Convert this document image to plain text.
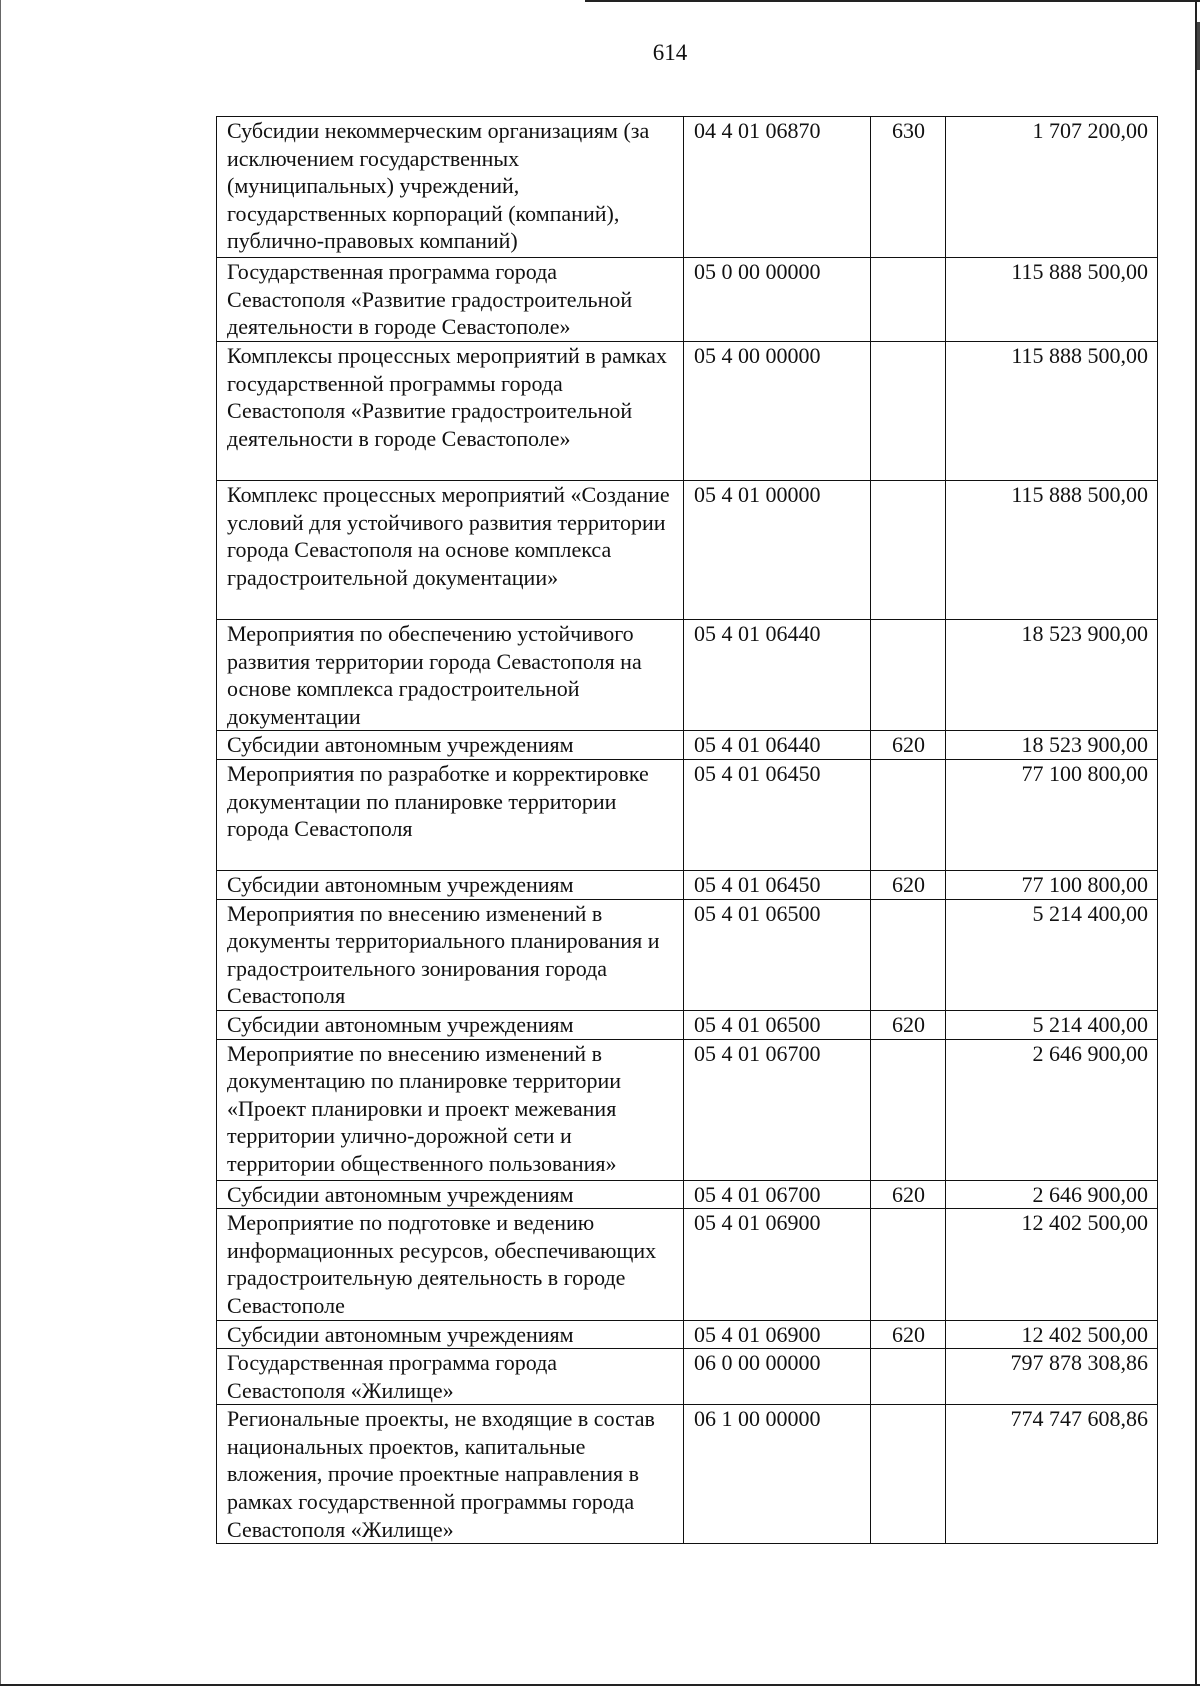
614
Субсидии некоммерческим организациям (за исключением государственных (муниципальных) учреждений, государственных корпораций (компаний), публично-правовых компаний)	04 4 01 06870	630	1 707 200,00
Государственная программа города Севастополя «Развитие градостроительной деятельности в городе Севастополе»	05 0 00 00000		115 888 500,00
Комплексы процессных мероприятий в рамках государственной программы города Севастополя «Развитие градостроительной деятельности в городе Севастополе»	05 4 00 00000		115 888 500,00
Комплекс процессных мероприятий «Создание условий для устойчивого развития территории города Севастополя на основе комплекса градостроительной документации»	05 4 01 00000		115 888 500,00
Мероприятия по обеспечению устойчивого развития территории города Севастополя на основе комплекса градостроительной документации	05 4 01 06440		18 523 900,00
Субсидии автономным учреждениям	05 4 01 06440	620	18 523 900,00
Мероприятия по разработке и корректировке документации по планировке территории города Севастополя	05 4 01 06450		77 100 800,00
Субсидии автономным учреждениям	05 4 01 06450	620	77 100 800,00
Мероприятия по внесению изменений в документы территориального планирования и градостроительного зонирования города Севастополя	05 4 01 06500		5 214 400,00
Субсидии автономным учреждениям	05 4 01 06500	620	5 214 400,00
Мероприятие по внесению изменений в документацию по планировке территории «Проект планировки и проект межевания территории улично-дорожной сети и территории общественного пользования»	05 4 01 06700		2 646 900,00
Субсидии автономным учреждениям	05 4 01 06700	620	2 646 900,00
Мероприятие по подготовке и ведению информационных ресурсов, обеспечивающих градостроительную деятельность в городе Севастополе	05 4 01 06900		12 402 500,00
Субсидии автономным учреждениям	05 4 01 06900	620	12 402 500,00
Государственная программа города Севастополя «Жилище»	06 0 00 00000		797 878 308,86
Региональные проекты, не входящие в состав национальных проектов, капитальные вложения, прочие проектные направления в рамках государственной программы города Севастополя «Жилище»	06 1 00 00000		774 747 608,86
